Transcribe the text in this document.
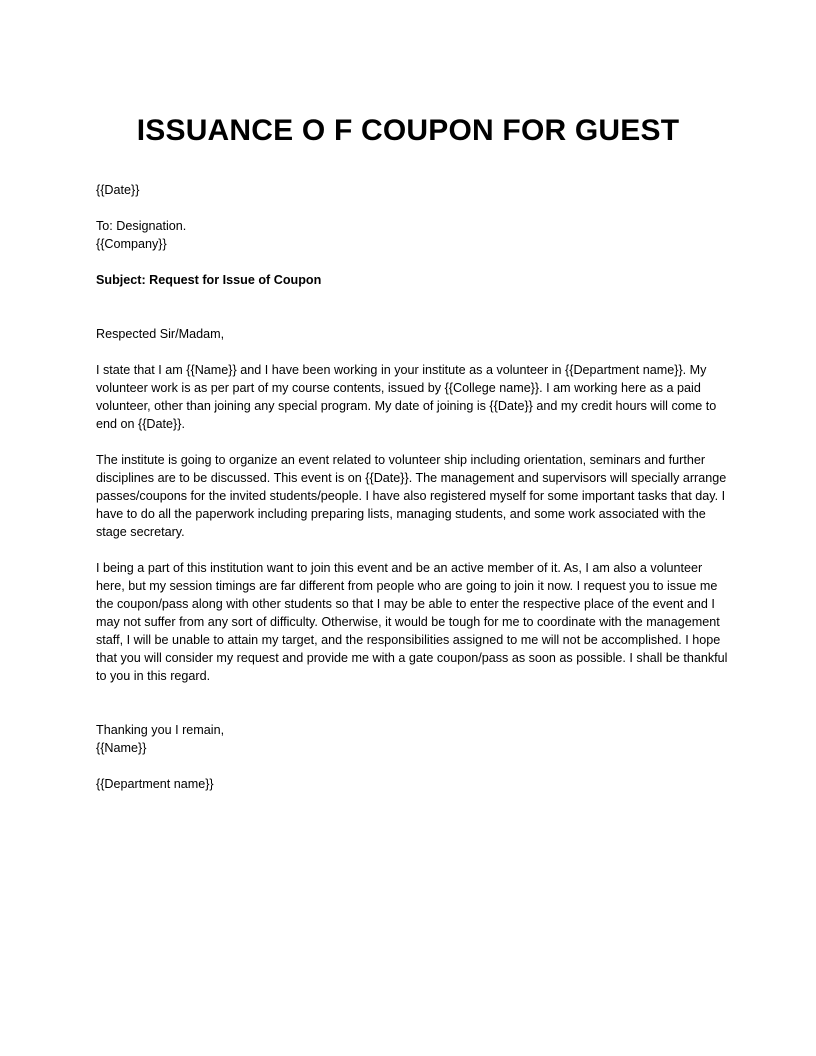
ISSUANCE O F COUPON FOR GUEST

{{Date}}

To: Designation.

{{Company}}

Subject: Request for Issue of Coupon

Respected Sir/Madam,

I state that I am {{Name}} and I have been working in your institute as a volunteer in {{Department name}}. My volunteer work is as per part of my course contents, issued by {{College name}}. I am working here as a paid volunteer, other than joining any special program. My date of joining is {{Date}} and my credit hours will come to end on {{Date}}.

The institute is going to organize an event related to volunteer ship including orientation, seminars and further disciplines are to be discussed. This event is on {{Date}}. The management and supervisors will specially arrange passes/coupons for the invited students/people. I have also registered myself for some important tasks that day. I have to do all the paperwork including preparing lists, managing students, and some work associated with the stage secretary.

I being a part of this institution want to join this event and be an active member of it. As, I am also a volunteer here, but my session timings are far different from people who are going to join it now. I request you to issue me the coupon/pass along with other students so that I may be able to enter the respective place of the event and I may not suffer from any sort of difficulty. Otherwise, it would be tough for me to coordinate with the management staff, I will be unable to attain my target, and the responsibilities assigned to me will not be accomplished. I hope that you will consider my request and provide me with a gate coupon/pass as soon as possible. I shall be thankful to you in this regard.

Thanking you I remain,

{{Name}}

{{Department name}}
